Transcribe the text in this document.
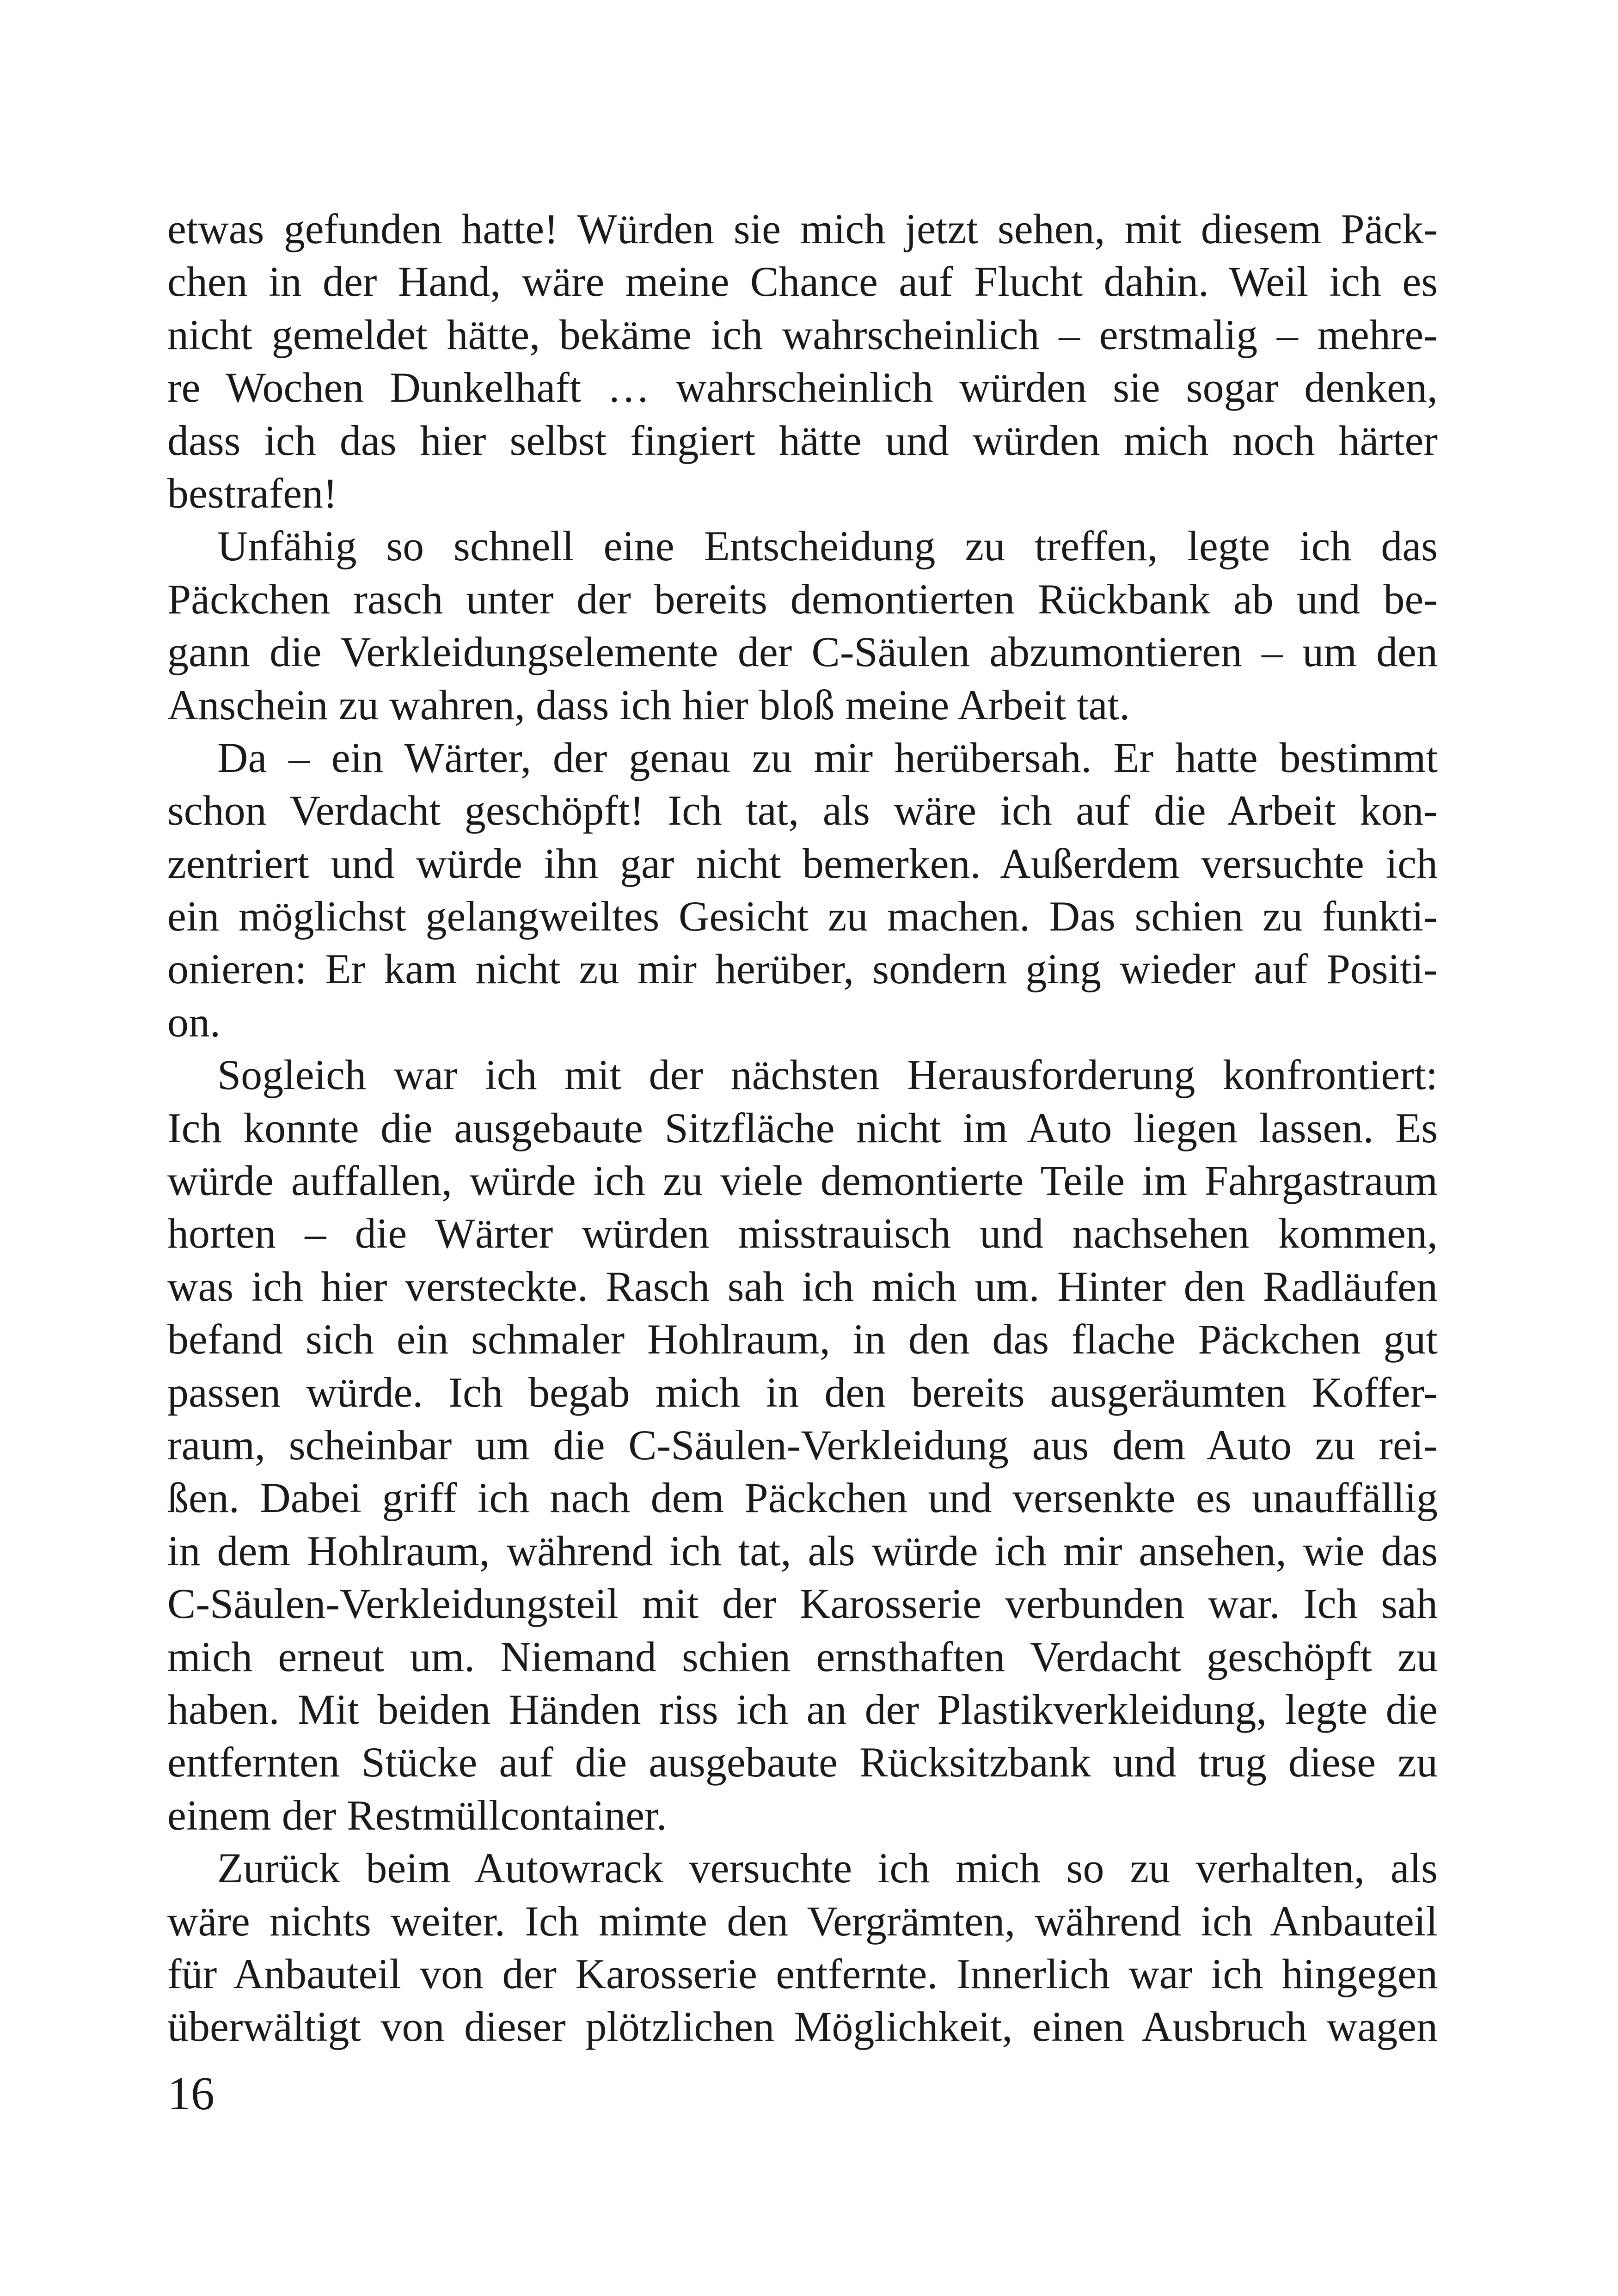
etwas gefunden hatte! Würden sie mich jetzt sehen, mit diesem Päck-
chen in der Hand, wäre meine Chance auf Flucht dahin. Weil ich es
nicht gemeldet hätte, bekäme ich wahrscheinlich – erstmalig – mehre-
re Wochen Dunkelhaft … wahrscheinlich würden sie sogar denken,
dass ich das hier selbst fingiert hätte und würden mich noch härter
bestrafen!
Unfähig so schnell eine Entscheidung zu treffen, legte ich das
Päckchen rasch unter der bereits demontierten Rückbank ab und be-
gann die Verkleidungselemente der C-Säulen abzumontieren – um den
Anschein zu wahren, dass ich hier bloß meine Arbeit tat.
Da – ein Wärter, der genau zu mir herübersah. Er hatte bestimmt
schon Verdacht geschöpft! Ich tat, als wäre ich auf die Arbeit kon-
zentriert und würde ihn gar nicht bemerken. Außerdem versuchte ich
ein möglichst gelangweiltes Gesicht zu machen. Das schien zu funkti-
onieren: Er kam nicht zu mir herüber, sondern ging wieder auf Positi-
on.
Sogleich war ich mit der nächsten Herausforderung konfrontiert:
Ich konnte die ausgebaute Sitzfläche nicht im Auto liegen lassen. Es
würde auffallen, würde ich zu viele demontierte Teile im Fahrgastraum
horten – die Wärter würden misstrauisch und nachsehen kommen,
was ich hier versteckte. Rasch sah ich mich um. Hinter den Radläufen
befand sich ein schmaler Hohlraum, in den das flache Päckchen gut
passen würde. Ich begab mich in den bereits ausgeräumten Koffer-
raum, scheinbar um die C-Säulen-Verkleidung aus dem Auto zu rei-
ßen. Dabei griff ich nach dem Päckchen und versenkte es unauffällig
in dem Hohlraum, während ich tat, als würde ich mir ansehen, wie das
C-Säulen-Verkleidungsteil mit der Karosserie verbunden war. Ich sah
mich erneut um. Niemand schien ernsthaften Verdacht geschöpft zu
haben. Mit beiden Händen riss ich an der Plastikverkleidung, legte die
entfernten Stücke auf die ausgebaute Rücksitzbank und trug diese zu
einem der Restmüllcontainer.
Zurück beim Autowrack versuchte ich mich so zu verhalten, als
wäre nichts weiter. Ich mimte den Vergrämten, während ich Anbauteil
für Anbauteil von der Karosserie entfernte. Innerlich war ich hingegen
überwältigt von dieser plötzlichen Möglichkeit, einen Ausbruch wagen
16
